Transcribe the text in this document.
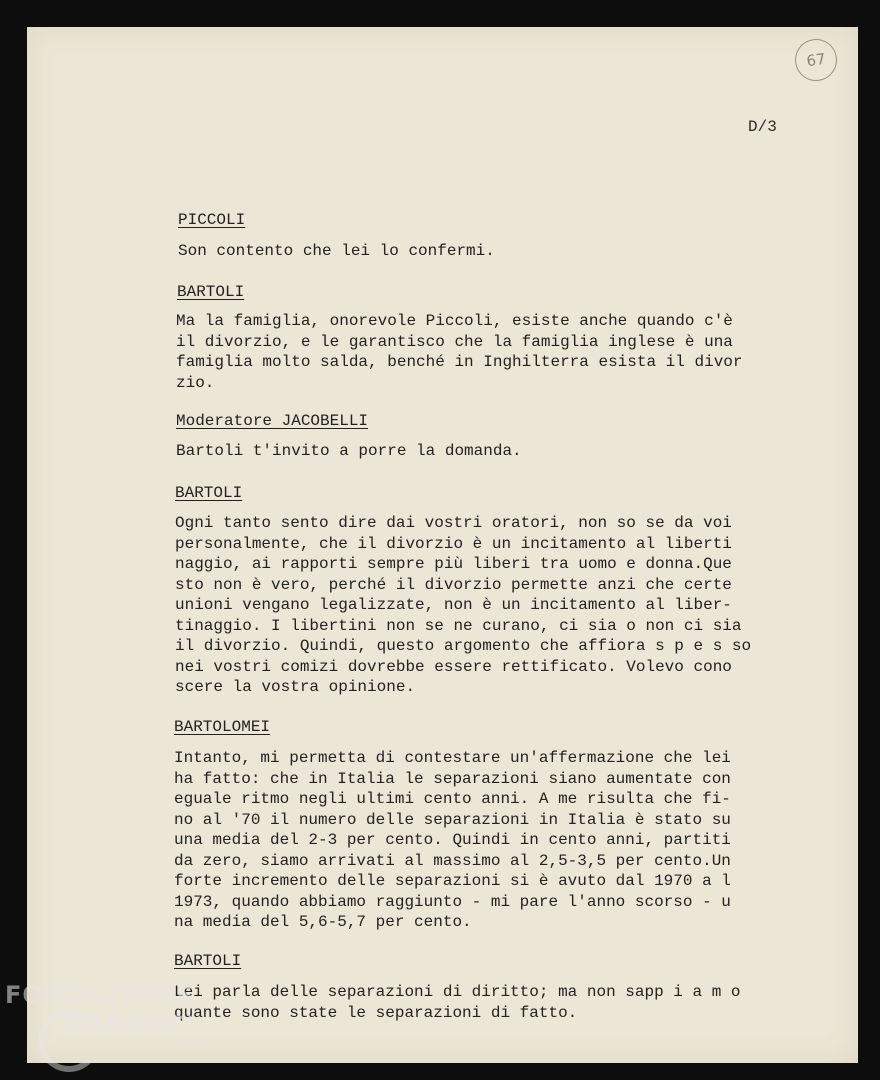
67
D/3
PICCOLI
Son contento che lei lo confermi.
BARTOLI
Ma la famiglia, onorevole Piccoli, esiste anche quando c'è
il divorzio, e le garantisco che la famiglia inglese è una
famiglia molto salda, benché in Inghilterra esista il divor
zio.
Moderatore JACOBELLI
Bartoli t'invito a porre la domanda.
BARTOLI
Ogni tanto sento dire dai vostri oratori, non so se da voi
personalmente, che il divorzio è un incitamento al liberti
naggio, ai rapporti sempre più liberi tra uomo e donna.Que
sto non è vero, perché il divorzio permette anzi che certe
unioni vengano legalizzate, non è un incitamento al liber-
tinaggio. I libertini non se ne curano, ci sia o non ci sia
il divorzio. Quindi, questo argomento che affiora s p e s so
nei vostri comizi dovrebbe essere rettificato. Volevo cono
scere la vostra opinione.
BARTOLOMEI
Intanto, mi permetta di contestare un'affermazione che lei
ha fatto: che in Italia le separazioni siano aumentate con
eguale ritmo negli ultimi cento anni. A me risulta che fi-
no al '70 il numero delle separazioni in Italia è stato su
una media del 2-3 per cento. Quindi in cento anni, partiti
da zero, siamo arrivati al massimo al 2,5-3,5 per cento.Un
forte incremento delle separazioni si è avuto dal 1970 a l
1973, quando abbiamo raggiunto - mi pare l'anno scorso - u
na media del 5,6-5,7 per cento.
BARTOLI
Lei parla delle separazioni di diritto; ma non sapp i a m o
quante sono state le separazioni di fatto.
FONDAZIONE
GRAMSCI
onlus
